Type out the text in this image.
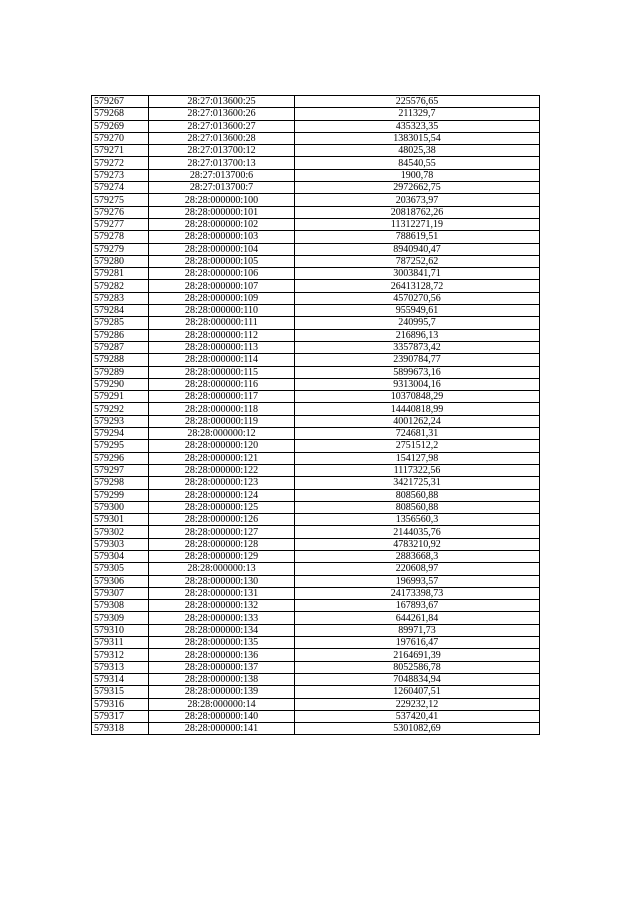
579267	28:27:013600:25	225576,65
579268	28:27:013600:26	211329,7
579269	28:27:013600:27	435323,35
579270	28:27:013600:28	1383015,54
579271	28:27:013700:12	48025,38
579272	28:27:013700:13	84540,55
579273	28:27:013700:6	1900,78
579274	28:27:013700:7	2972662,75
579275	28:28:000000:100	203673,97
579276	28:28:000000:101	20818762,26
579277	28:28:000000:102	11312271,19
579278	28:28:000000:103	788619,51
579279	28:28:000000:104	8940940,47
579280	28:28:000000:105	787252,62
579281	28:28:000000:106	3003841,71
579282	28:28:000000:107	26413128,72
579283	28:28:000000:109	4570270,56
579284	28:28:000000:110	955949,61
579285	28:28:000000:111	240995,7
579286	28:28:000000:112	216896,13
579287	28:28:000000:113	3357873,42
579288	28:28:000000:114	2390784,77
579289	28:28:000000:115	5899673,16
579290	28:28:000000:116	9313004,16
579291	28:28:000000:117	10370848,29
579292	28:28:000000:118	14440818,99
579293	28:28:000000:119	4001262,24
579294	28:28:000000:12	724681,31
579295	28:28:000000:120	2751512,2
579296	28:28:000000:121	154127,98
579297	28:28:000000:122	1117322,56
579298	28:28:000000:123	3421725,31
579299	28:28:000000:124	808560,88
579300	28:28:000000:125	808560,88
579301	28:28:000000:126	1356560,3
579302	28:28:000000:127	2144035,76
579303	28:28:000000:128	4783210,92
579304	28:28:000000:129	2883668,3
579305	28:28:000000:13	220608,97
579306	28:28:000000:130	196993,57
579307	28:28:000000:131	24173398,73
579308	28:28:000000:132	167893,67
579309	28:28:000000:133	644261,84
579310	28:28:000000:134	89971,73
579311	28:28:000000:135	197616,47
579312	28:28:000000:136	2164691,39
579313	28:28:000000:137	8052586,78
579314	28:28:000000:138	7048834,94
579315	28:28:000000:139	1260407,51
579316	28:28:000000:14	229232,12
579317	28:28:000000:140	537420,41
579318	28:28:000000:141	5301082,69
